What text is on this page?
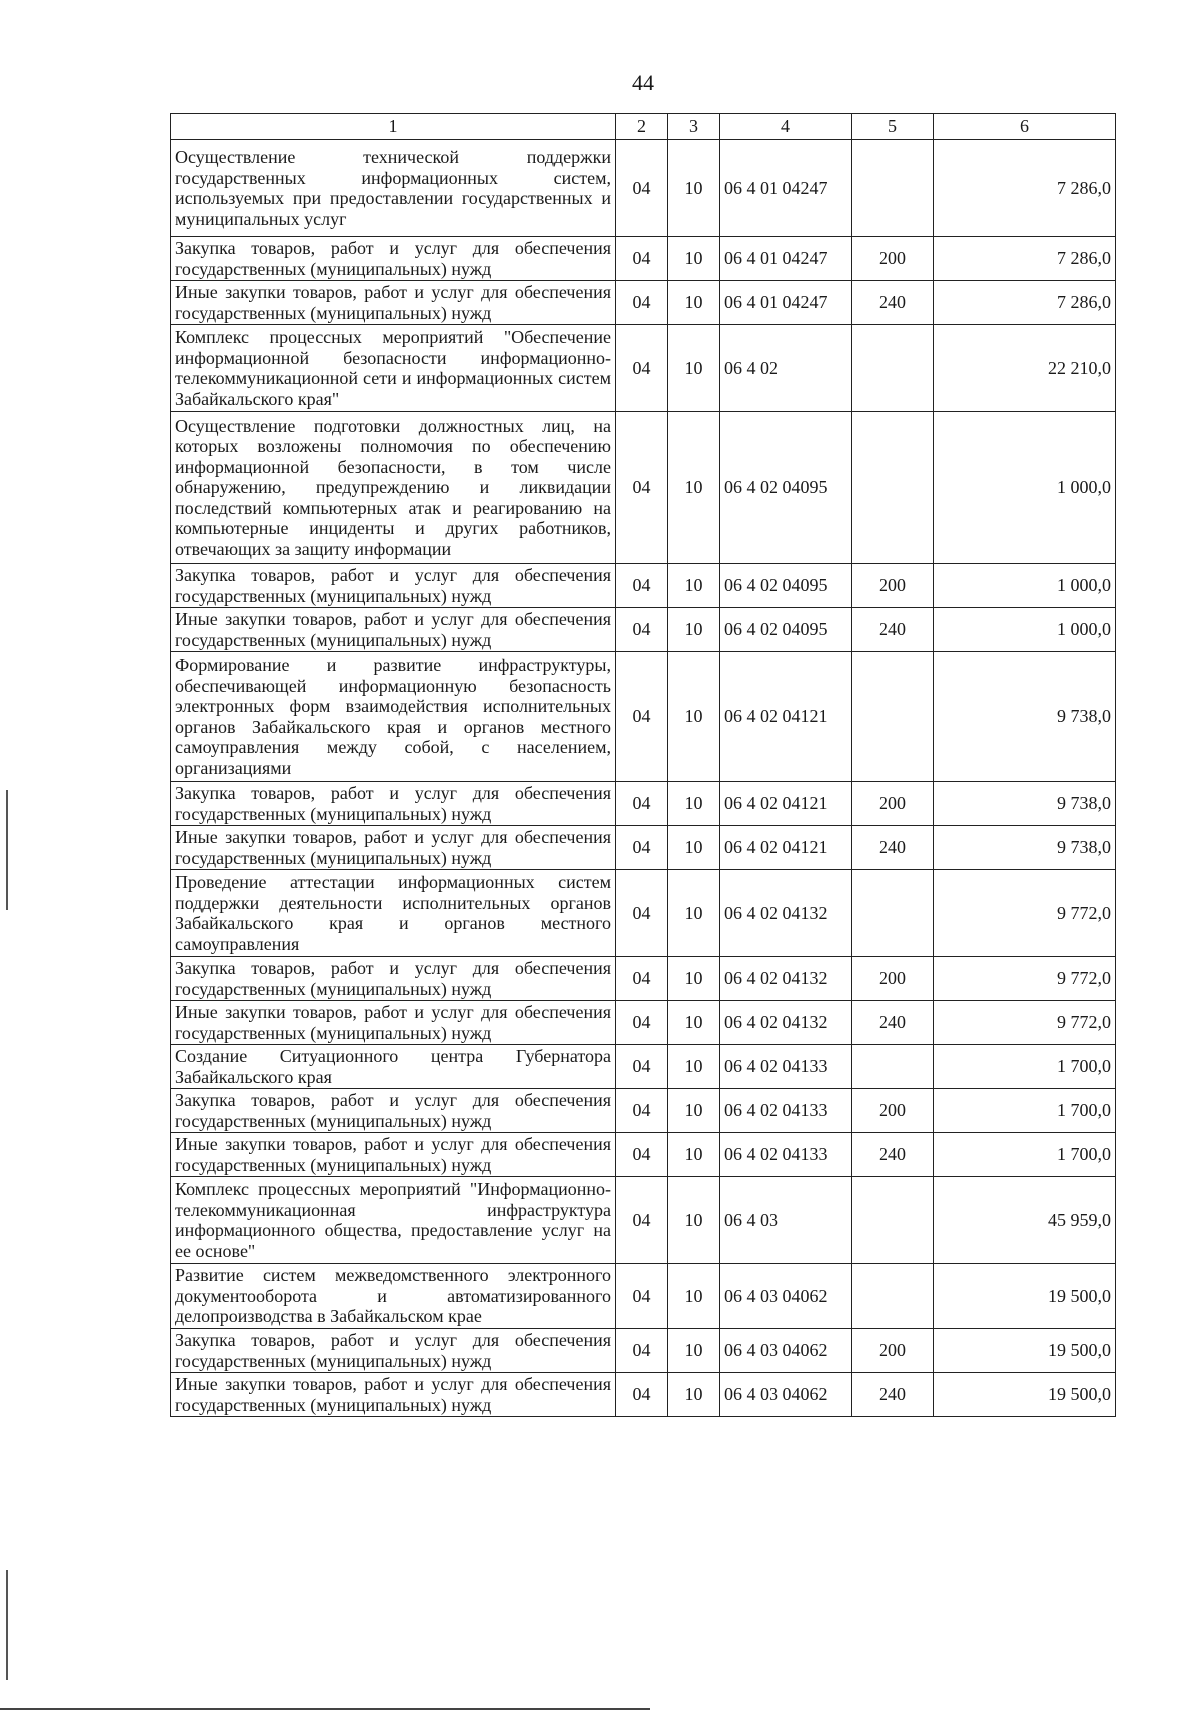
44
1	2	3	4	5	6
Осуществление технической поддержки государственных информационных систем, используемых при предоставлении государственных и муниципальных услуг	04	10	06 4 01 04247		7 286,0
Закупка товаров, работ и услуг для обеспечения государственных (муниципальных) нужд	04	10	06 4 01 04247	200	7 286,0
Иные закупки товаров, работ и услуг для обеспечения государственных (муниципальных) нужд	04	10	06 4 01 04247	240	7 286,0
Комплекс процессных мероприятий "Обеспечение информационной безопасности информационно-телекоммуникационной сети и информационных систем Забайкальского края"	04	10	06 4 02		22 210,0
Осуществление подготовки должностных лиц, на которых возложены полномочия по обеспечению информационной безопасности, в том числе обнаружению, предупреждению и ликвидации последствий компьютерных атак и реагированию на компьютерные инциденты и других работников, отвечающих за защиту информации	04	10	06 4 02 04095		1 000,0
Закупка товаров, работ и услуг для обеспечения государственных (муниципальных) нужд	04	10	06 4 02 04095	200	1 000,0
Иные закупки товаров, работ и услуг для обеспечения государственных (муниципальных) нужд	04	10	06 4 02 04095	240	1 000,0
Формирование и развитие инфраструктуры, обеспечивающей информационную безопасность электронных форм взаимодействия исполнительных органов Забайкальского края и органов местного самоуправления между собой, с населением, организациями	04	10	06 4 02 04121		9 738,0
Закупка товаров, работ и услуг для обеспечения государственных (муниципальных) нужд	04	10	06 4 02 04121	200	9 738,0
Иные закупки товаров, работ и услуг для обеспечения государственных (муниципальных) нужд	04	10	06 4 02 04121	240	9 738,0
Проведение аттестации информационных систем поддержки деятельности исполнительных органов Забайкальского края и органов местного самоуправления	04	10	06 4 02 04132		9 772,0
Закупка товаров, работ и услуг для обеспечения государственных (муниципальных) нужд	04	10	06 4 02 04132	200	9 772,0
Иные закупки товаров, работ и услуг для обеспечения государственных (муниципальных) нужд	04	10	06 4 02 04132	240	9 772,0
Создание Ситуационного центра Губернатора Забайкальского края	04	10	06 4 02 04133		1 700,0
Закупка товаров, работ и услуг для обеспечения государственных (муниципальных) нужд	04	10	06 4 02 04133	200	1 700,0
Иные закупки товаров, работ и услуг для обеспечения государственных (муниципальных) нужд	04	10	06 4 02 04133	240	1 700,0
Комплекс процессных мероприятий "Информационно-телекоммуникационная инфраструктура информационного общества, предоставление услуг на ее основе"	04	10	06 4 03		45 959,0
Развитие систем межведомственного электронного документооборота и автоматизированного делопроизводства в Забайкальском крае	04	10	06 4 03 04062		19 500,0
Закупка товаров, работ и услуг для обеспечения государственных (муниципальных) нужд	04	10	06 4 03 04062	200	19 500,0
Иные закупки товаров, работ и услуг для обеспечения государственных (муниципальных) нужд	04	10	06 4 03 04062	240	19 500,0
